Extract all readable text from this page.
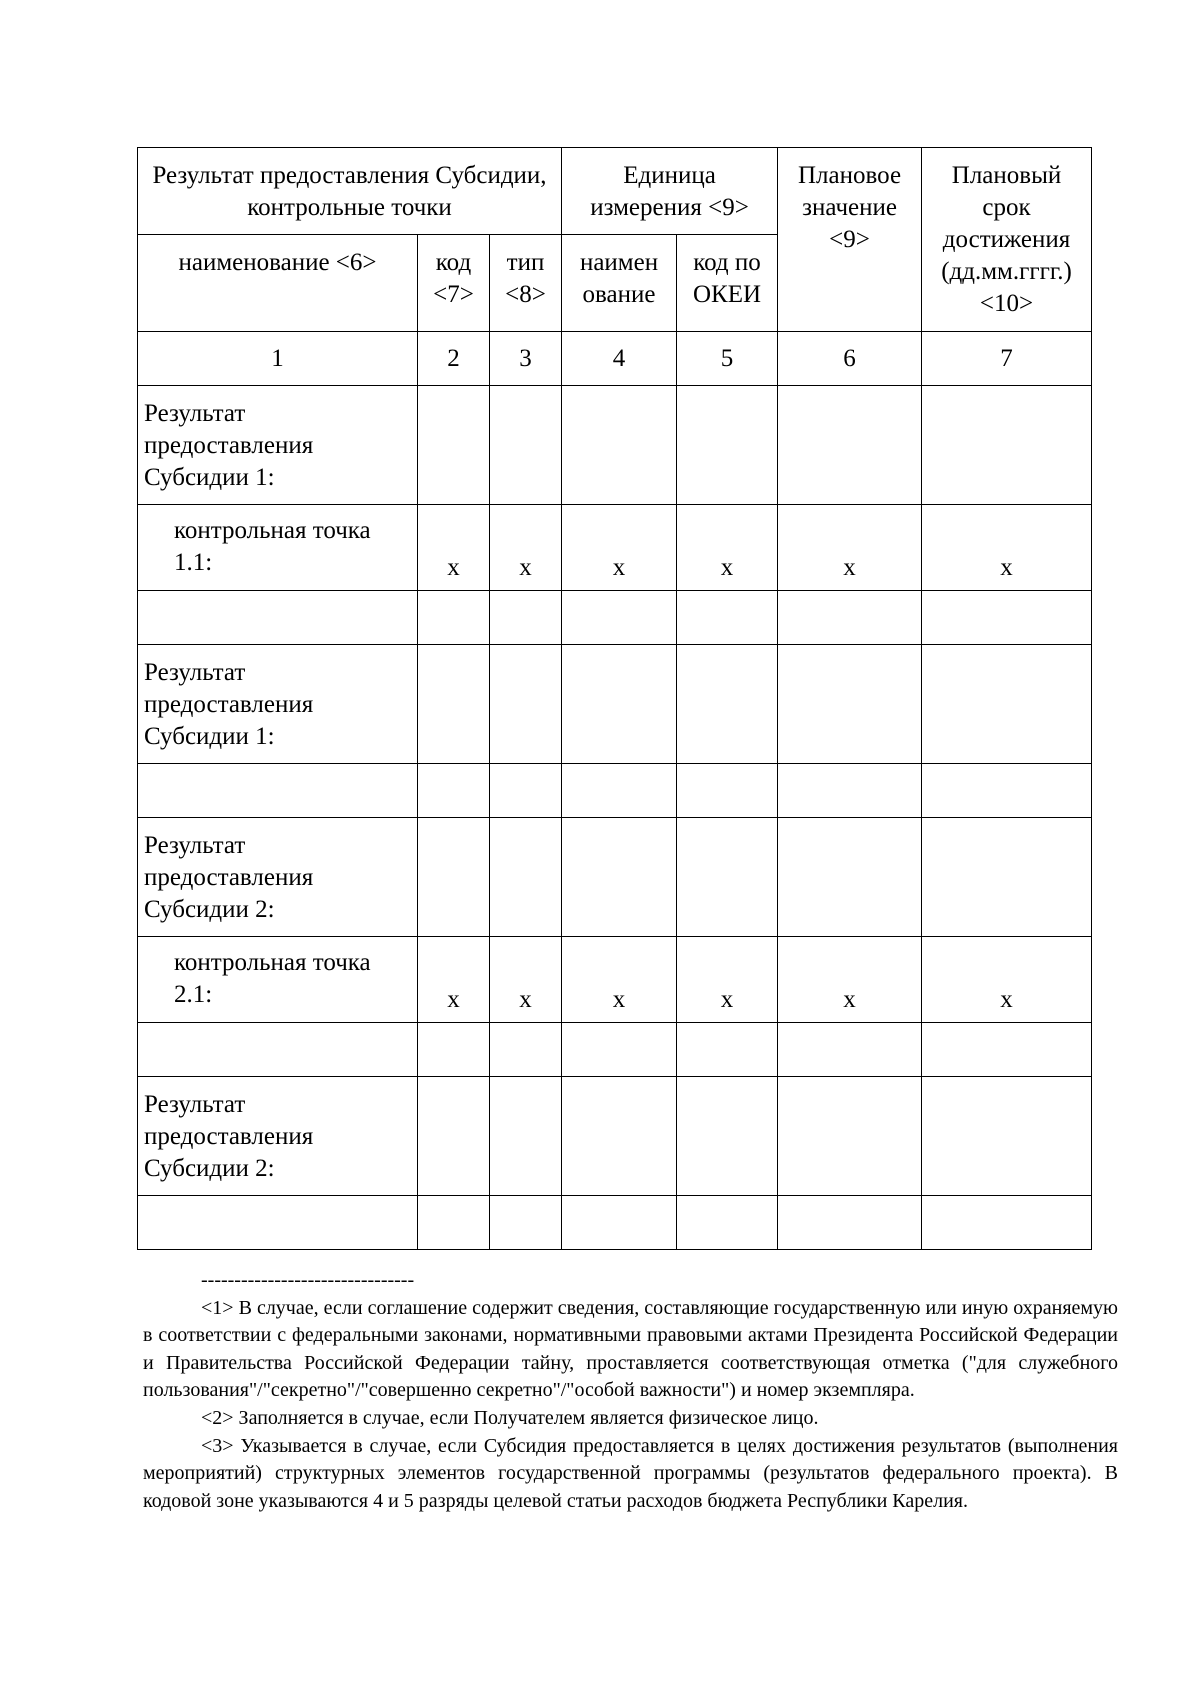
Результат предоставления Субсидии, контрольные точки			Единица измерения <9>		Плановое значение <9>	Плановый срок достижения (дд.мм.гггг.) <10>
наименование <6>	код <7>	тип <8>	наимен ование	код по ОКЕИ		
1	2	3	4	5	6	7
Результат предоставления Субсидии 1:						
контрольная точка 1.1:	x	x	x	x	x	x

Результат предоставления Субсидии 1:						

Результат предоставления Субсидии 2:						
контрольная точка 2.1:	x	x	x	x	x	x

Результат предоставления Субсидии 2:						

--------------------------------

<1> В случае, если соглашение содержит сведения, составляющие государственную или иную охраняемую в соответствии с федеральными законами, нормативными правовыми актами Президента Российской Федерации и Правительства Российской Федерации тайну, проставляется соответствующая отметка ("для служебного пользования"/"секретно"/"совершенно секретно"/"особой важности") и номер экземпляра.

<2> Заполняется в случае, если Получателем является физическое лицо.

<3> Указывается в случае, если Субсидия предоставляется в целях достижения результатов (выполнения мероприятий) структурных элементов государственной программы (результатов федерального проекта). В кодовой зоне указываются 4 и 5 разряды целевой статьи расходов бюджета Республики Карелия.
